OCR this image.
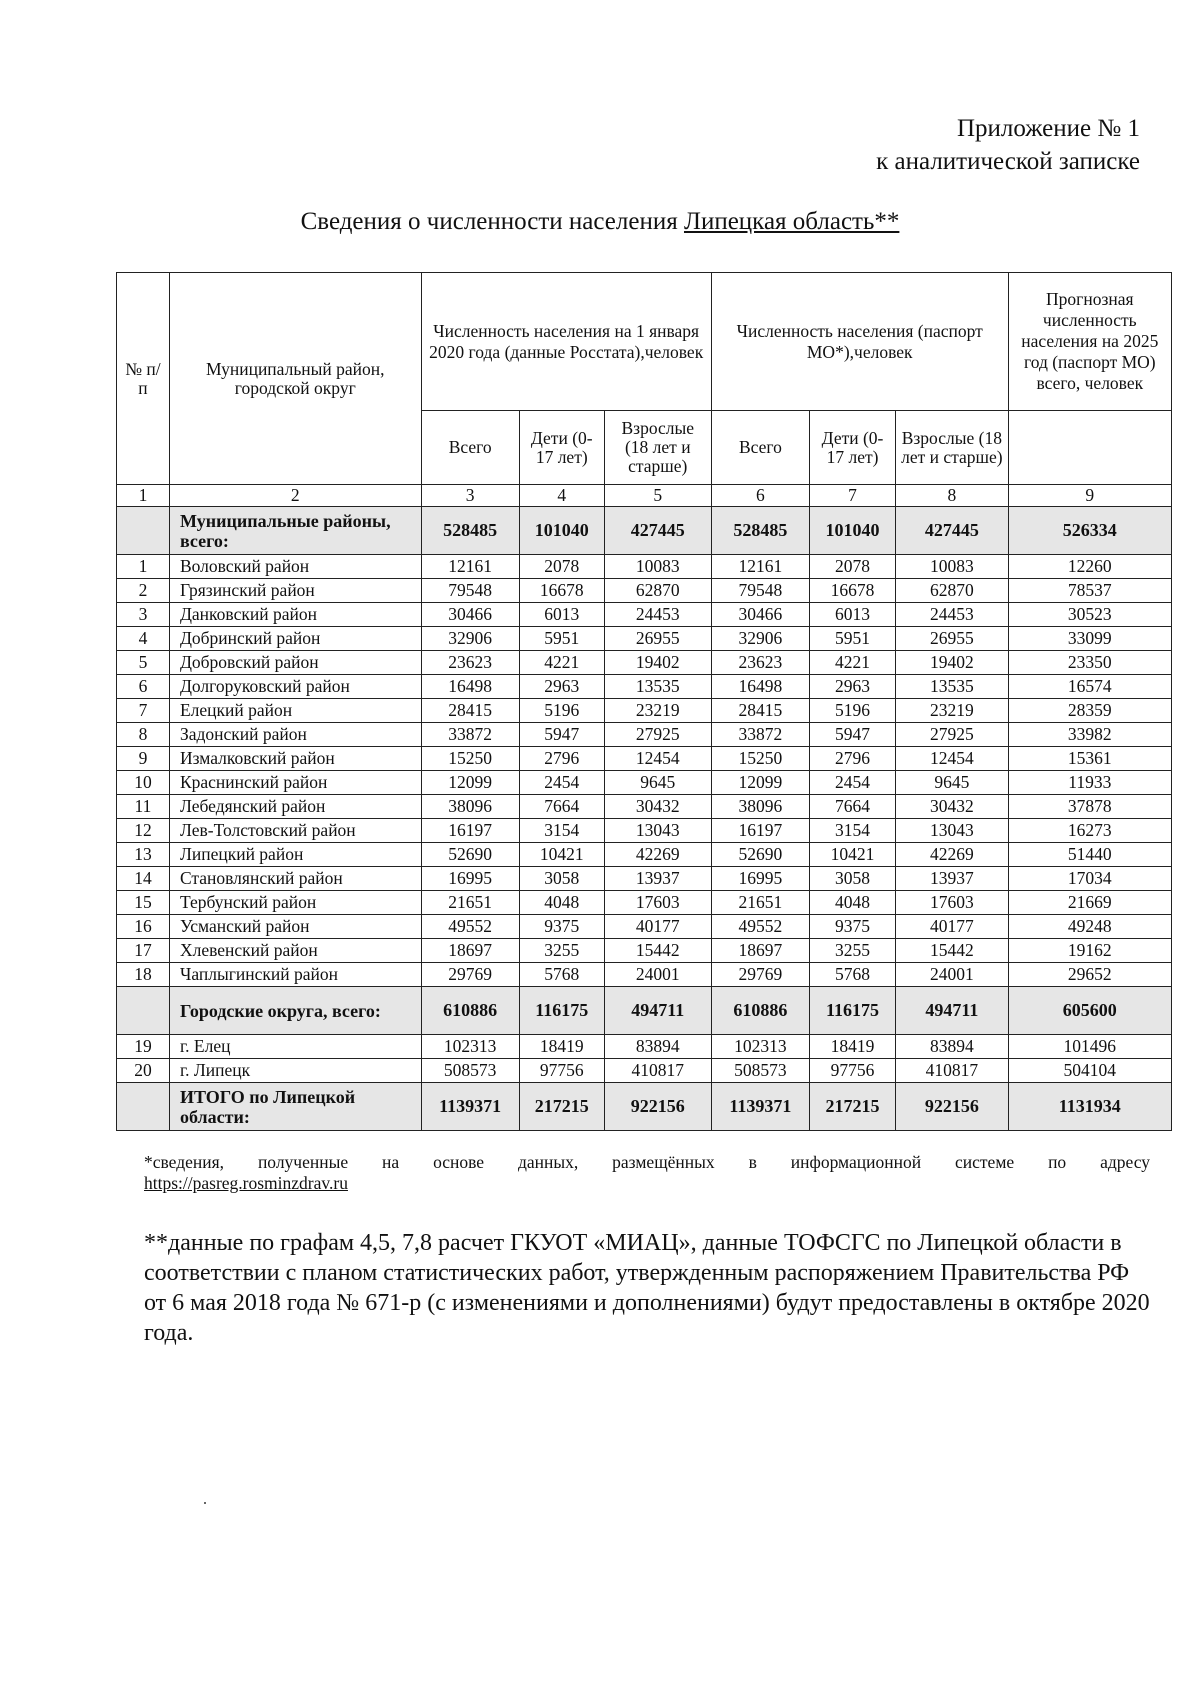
Приложение № 1
к аналитической записке
Сведения о численности населения Липецкая область**
№ п/п	Муниципальный район, городской округ	Численность населения на 1 января 2020 года (данные Росстата),человек			Численность населения (паспорт МО*),человек			Прогнозная численность населения на 2025 год (паспорт МО) всего, человек
		Всего	Дети (0-17 лет)	Взрослые (18 лет и старше)	Всего	Дети (0-17 лет)	Взрослые (18 лет и старше)	
1	2	3	4	5	6	7	8	9
	Муниципальные районы, всего:	528485	101040	427445	528485	101040	427445	526334
1	Воловский район	12161	2078	10083	12161	2078	10083	12260
2	Грязинский район	79548	16678	62870	79548	16678	62870	78537
3	Данковский район	30466	6013	24453	30466	6013	24453	30523
4	Добринский район	32906	5951	26955	32906	5951	26955	33099
5	Добровский район	23623	4221	19402	23623	4221	19402	23350
6	Долгоруковский район	16498	2963	13535	16498	2963	13535	16574
7	Елецкий район	28415	5196	23219	28415	5196	23219	28359
8	Задонский район	33872	5947	27925	33872	5947	27925	33982
9	Измалковский район	15250	2796	12454	15250	2796	12454	15361
10	Краснинский район	12099	2454	9645	12099	2454	9645	11933
11	Лебедянский район	38096	7664	30432	38096	7664	30432	37878
12	Лев-Толстовский район	16197	3154	13043	16197	3154	13043	16273
13	Липецкий район	52690	10421	42269	52690	10421	42269	51440
14	Становлянский район	16995	3058	13937	16995	3058	13937	17034
15	Тербунский район	21651	4048	17603	21651	4048	17603	21669
16	Усманский район	49552	9375	40177	49552	9375	40177	49248
17	Хлевенский район	18697	3255	15442	18697	3255	15442	19162
18	Чаплыгинский район	29769	5768	24001	29769	5768	24001	29652
	Городские округа, всего:	610886	116175	494711	610886	116175	494711	605600
19	г. Елец	102313	18419	83894	102313	18419	83894	101496
20	г. Липецк	508573	97756	410817	508573	97756	410817	504104
	ИТОГО по Липецкой области:	1139371	217215	922156	1139371	217215	922156	1131934
*сведения, полученные на основе данных, размещённых в информационной системе по адресу
https://pasreg.rosminzdrav.ru
**данные по графам 4,5, 7,8 расчет ГКУОТ «МИАЦ», данные ТОФСГС по Липецкой области в соответствии с планом статистических работ, утвержденным распоряжением Правительства РФ от 6 мая 2018 года № 671-р (с изменениями и дополнениями) будут предоставлены в октябре 2020 года.
